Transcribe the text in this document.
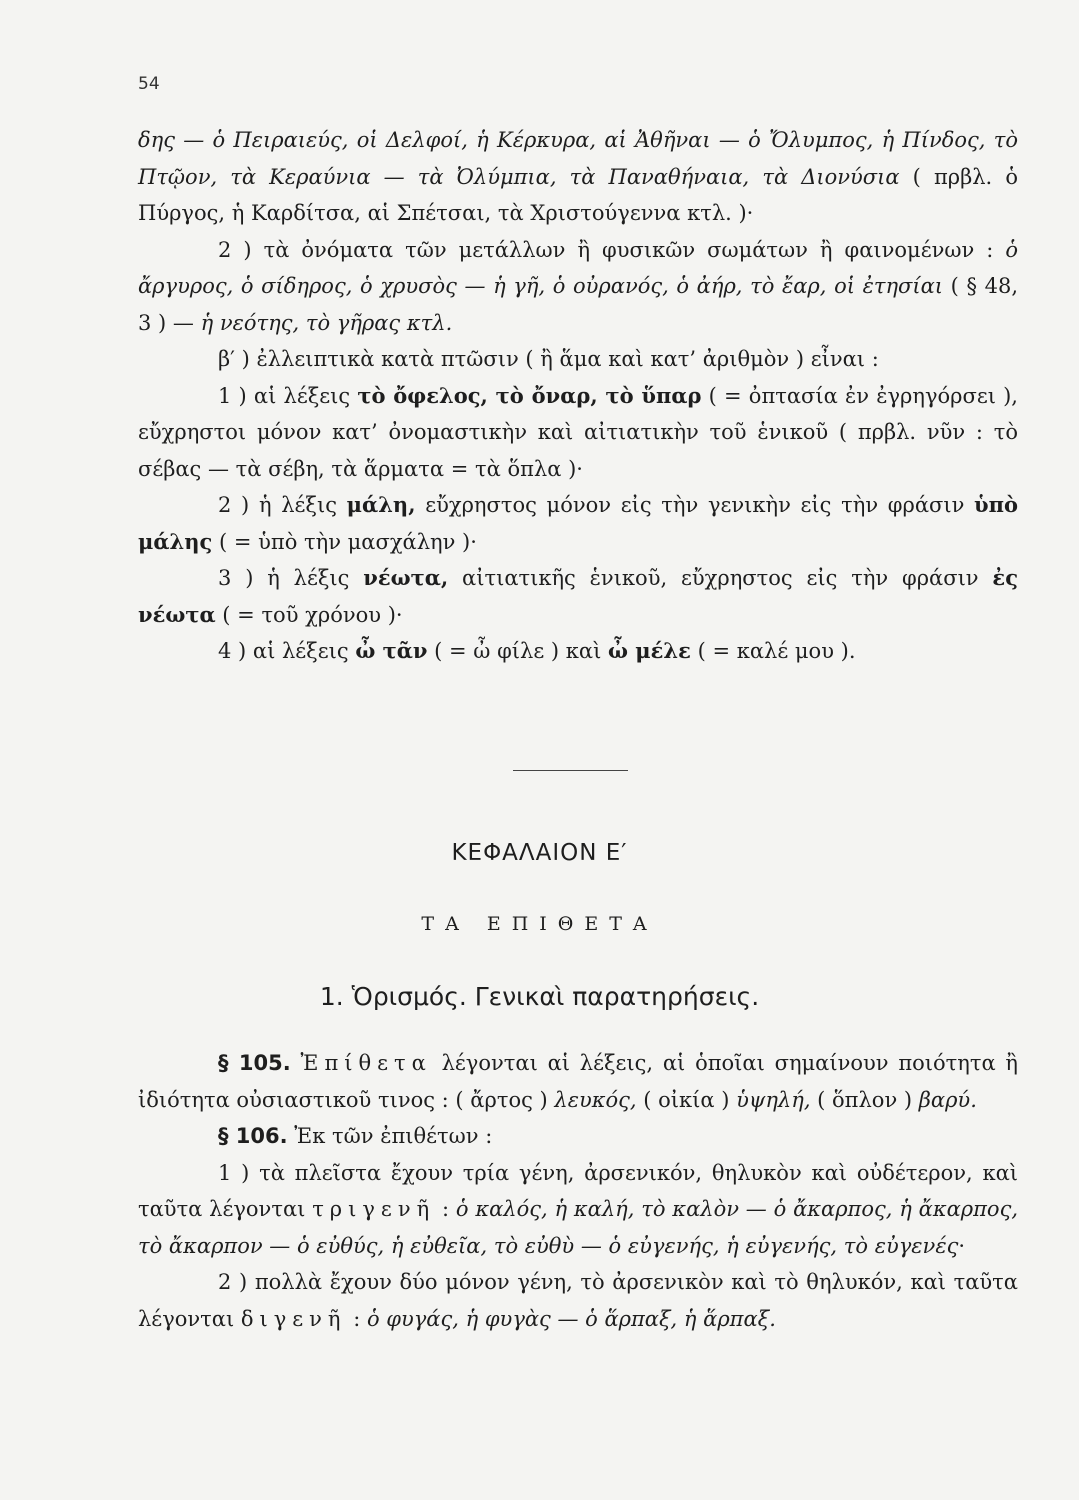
54

δης — ὁ Πειραιεύς, οἱ Δελφοί, ἡ Κέρκυρα, αἱ Ἀθῆναι — ὁ Ὄλυμπος, ἡ Πίνδος, τὸ Πτῷον, τὰ Κεραύνια — τὰ Ὀλύμπια, τὰ Παναθήναια, τὰ Διονύσια ( πρβλ. ὁ Πύργος, ἡ Καρδίτσα, αἱ Σπέτσαι, τὰ Χριστούγεννα κτλ. )·

2 ) τὰ ὀνόματα τῶν μετάλλων ἢ φυσικῶν σωμάτων ἢ φαινομένων : ὁ ἄργυρος, ὁ σίδηρος, ὁ χρυσὸς — ἡ γῆ, ὁ οὐρανός, ὁ ἀήρ, τὸ ἔαρ, οἱ ἐτησίαι ( § 48, 3 ) — ἡ νεότης, τὸ γῆρας κτλ.

β′ ) ἐλλειπτικὰ κατὰ πτῶσιν ( ἢ ἅμα καὶ κατ’ ἀριθμὸν ) εἶναι :

1 ) αἱ λέξεις τὸ ὄφελος, τὸ ὄναρ, τὸ ὕπαρ ( = ὀπτασία ἐν ἐγρηγόρσει ), εὔχρηστοι μόνον κατ’ ὀνομαστικὴν καὶ αἰτιατικὴν τοῦ ἑνικοῦ ( πρβλ. νῦν : τὸ σέβας — τὰ σέβη, τὰ ἅρματα = τὰ ὅπλα )·

2 ) ἡ λέξις μάλη, εὔχρηστος μόνον εἰς τὴν γενικὴν εἰς τὴν φράσιν ὑπὸ μάλης ( = ὑπὸ τὴν μασχάλην )·

3 ) ἡ λέξις νέωτα, αἰτιατικῆς ἑνικοῦ, εὔχρηστος εἰς τὴν φράσιν ἐς νέωτα ( = τοῦ χρόνου )·

4 ) αἱ λέξεις ὦ τᾶν ( = ὦ φίλε ) καὶ ὦ μέλε ( = καλέ μου ).

ΚΕΦΑΛΑΙΟΝ Ε′
ΤΑ ΕΠΙΘΕΤΑ
1. Ὁρισμός. Γενικαὶ παρατηρήσεις.

§ 105. Ἐπίθετα λέγονται αἱ λέξεις, αἱ ὁποῖαι σημαίνουν ποιότητα ἢ ἰδιότητα οὐσιαστικοῦ τινος : ( ἄρτος ) λευκός, ( οἰκία ) ὑψηλή, ( ὅπλον ) βαρύ.

§ 106. Ἐκ τῶν ἐπιθέτων :

1 ) τὰ πλεῖστα ἔχουν τρία γένη, ἀρσενικόν, θηλυκὸν καὶ οὐδέτερον, καὶ ταῦτα λέγονται τριγενῆ : ὁ καλός, ἡ καλή, τὸ καλὸν — ὁ ἄκαρπος, ἡ ἄκαρπος, τὸ ἄκαρπον — ὁ εὐθύς, ἡ εὐθεῖα, τὸ εὐθὺ — ὁ εὐγενής, ἡ εὐγενής, τὸ εὐγενές·

2 ) πολλὰ ἔχουν δύο μόνον γένη, τὸ ἀρσενικὸν καὶ τὸ θηλυκόν, καὶ ταῦτα λέγονται διγενῆ : ὁ φυγάς, ἡ φυγὰς — ὁ ἅρπαξ, ἡ ἅρπαξ.
